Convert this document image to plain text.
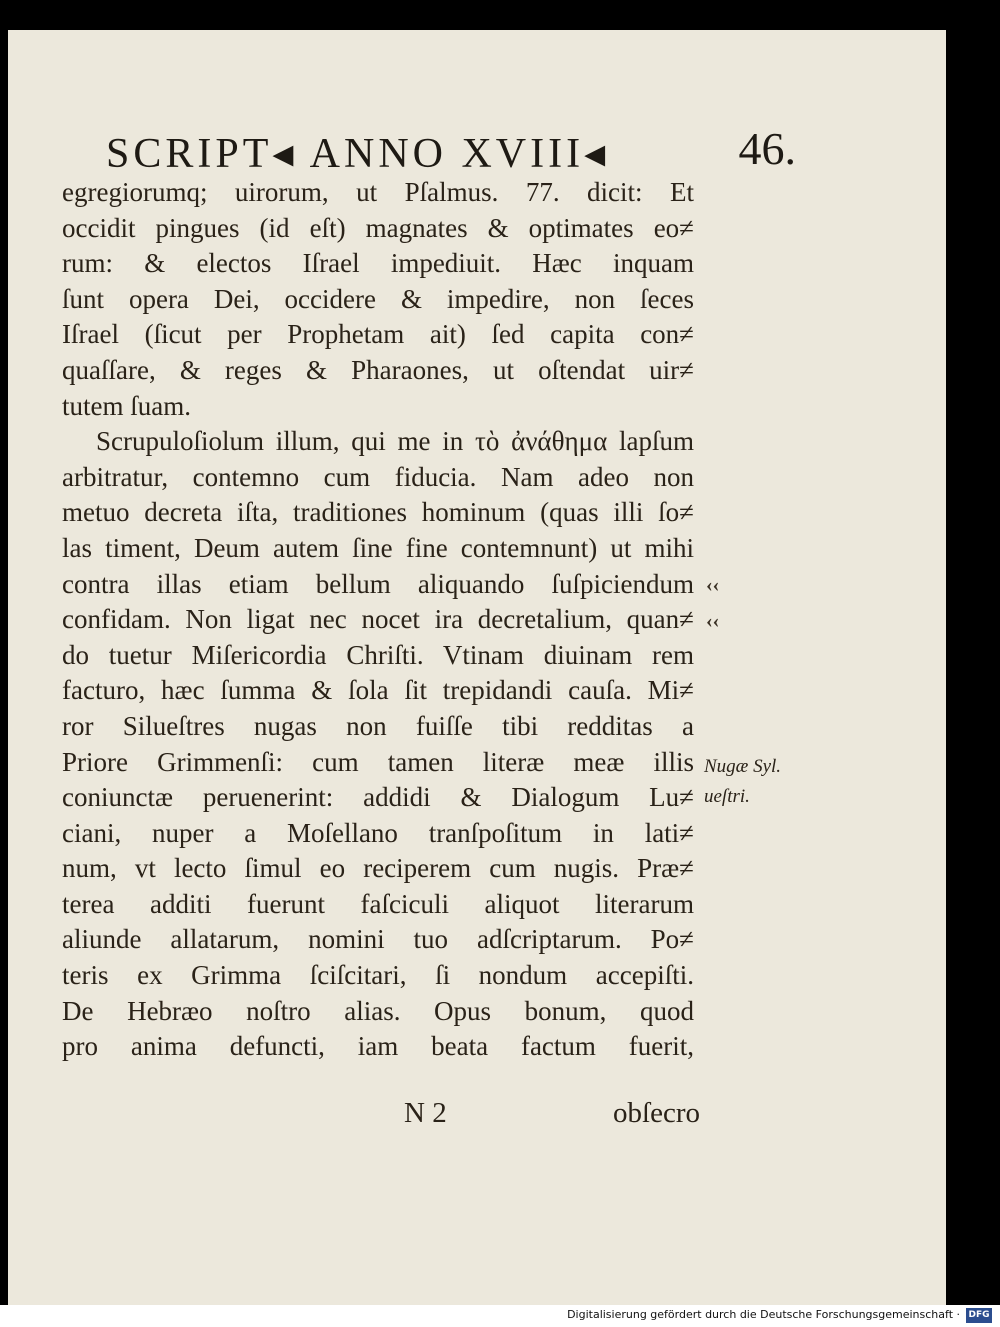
SCRIPT◂ ANNO XVIII◂	46.
egregiorumq; uirorum, ut Pſalmus. 77. dicit: Et
occidit pingues (id eſt) magnates & optimates eo≠
rum: & electos Iſrael impediuit. Hæc inquam
ſunt opera Dei, occidere & impedire, non ſeces
Iſrael (ſicut per Prophetam ait) ſed capita con≠
quaſſare, & reges & Pharaones, ut oſtendat uir≠
tutem ſuam.
Scrupuloſiolum illum, qui me in τὸ ἀνάθημα lapſum
arbitratur, contemno cum fiducia. Nam adeo non
metuo decreta iſta, traditiones hominum (quas illi ſo≠
las timent, Deum autem ſine fine contemnunt) ut mihi
contra illas etiam bellum aliquando ſuſpiciendum
confidam. Non ligat nec nocet ira decretalium, quan≠
do tuetur Miſericordia Chriſti. Vtinam diuinam rem
facturo, hæc ſumma & ſola ſit trepidandi cauſa. Mi≠
ror Silueſtres nugas non fuiſſe tibi redditas a
Priore Grimmenſi: cum tamen literæ meæ illis
coniunctæ peruenerint: addidi & Dialogum Lu≠
ciani, nuper a Moſellano tranſpoſitum in lati≠
num, vt lecto ſimul eo reciperem cum nugis. Præ≠
terea additi fuerunt faſciculi aliquot literarum
aliunde allatarum, nomini tuo adſcriptarum. Po≠
teris ex Grimma ſciſcitari, ſi nondum accepiſti.
De Hebræo noſtro alias. Opus bonum, quod
pro anima defuncti, iam beata factum fuerit,
N 2	obſecro
‹‹
‹‹
Nugæ Syl.
ueſtri.
Digitalisierung gefördert durch die Deutsche Forschungsgemeinschaft · DFG
